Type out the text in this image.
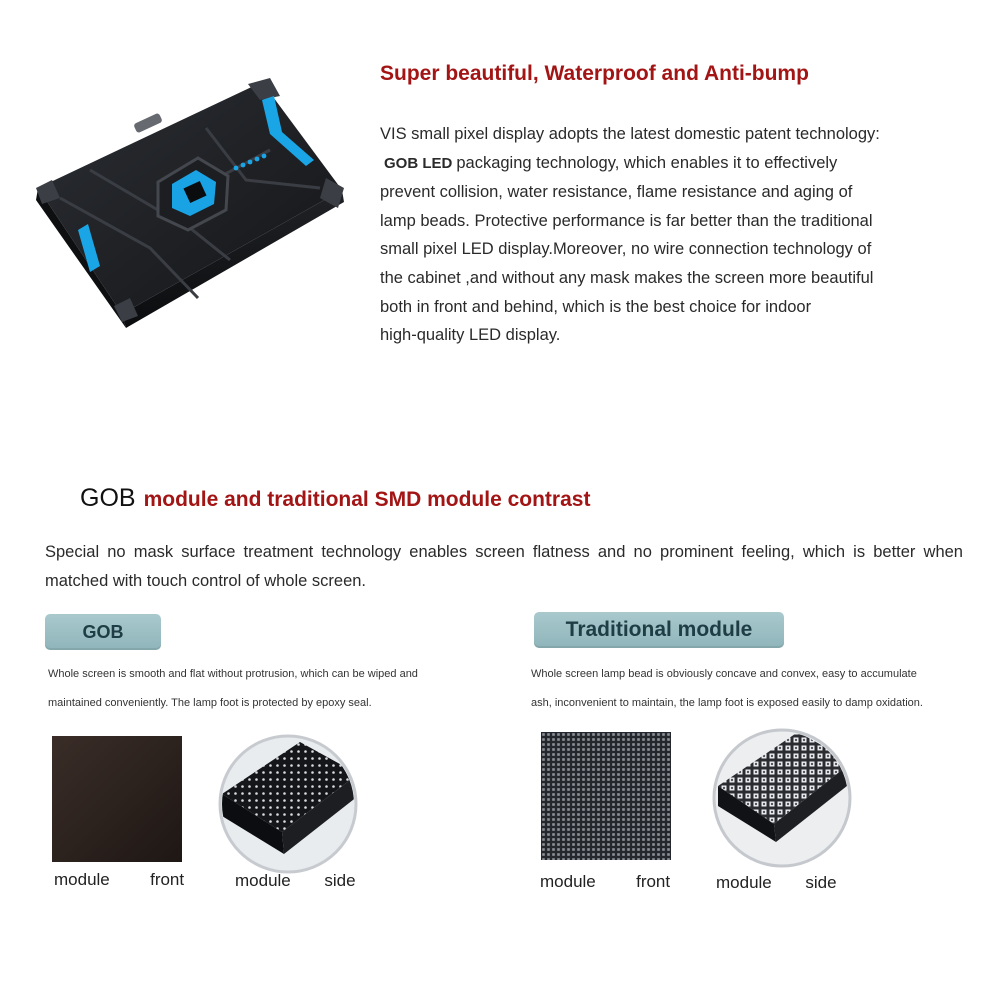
Super beautiful, Waterproof and Anti-bump
VIS small pixel display adopts the latest domestic patent technology:
GOB LED packaging technology, which enables it to effectively
prevent collision, water resistance, flame resistance and aging of
lamp beads. Protective performance is far better than the traditional
small pixel LED display.Moreover, no wire connection technology of
the cabinet ,and without any mask makes the screen more beautiful
both in front and behind, which is the best choice for indoor
high-quality LED display.
GOB module and traditional SMD module contrast
Special no mask surface treatment technology enables screen flatness and no prominent feeling, which is better when matched with touch control of whole screen.
GOB
Whole screen is smooth and flat without protrusion, which can be wiped and
maintained conveniently. The lamp foot is protected by epoxy seal.
module      front	module     side
Traditional module
Whole screen lamp bead is obviously concave and convex, easy to accumulate
ash, inconvenient to maintain, the lamp foot is exposed easily to damp oxidation.
module      front	module     side
